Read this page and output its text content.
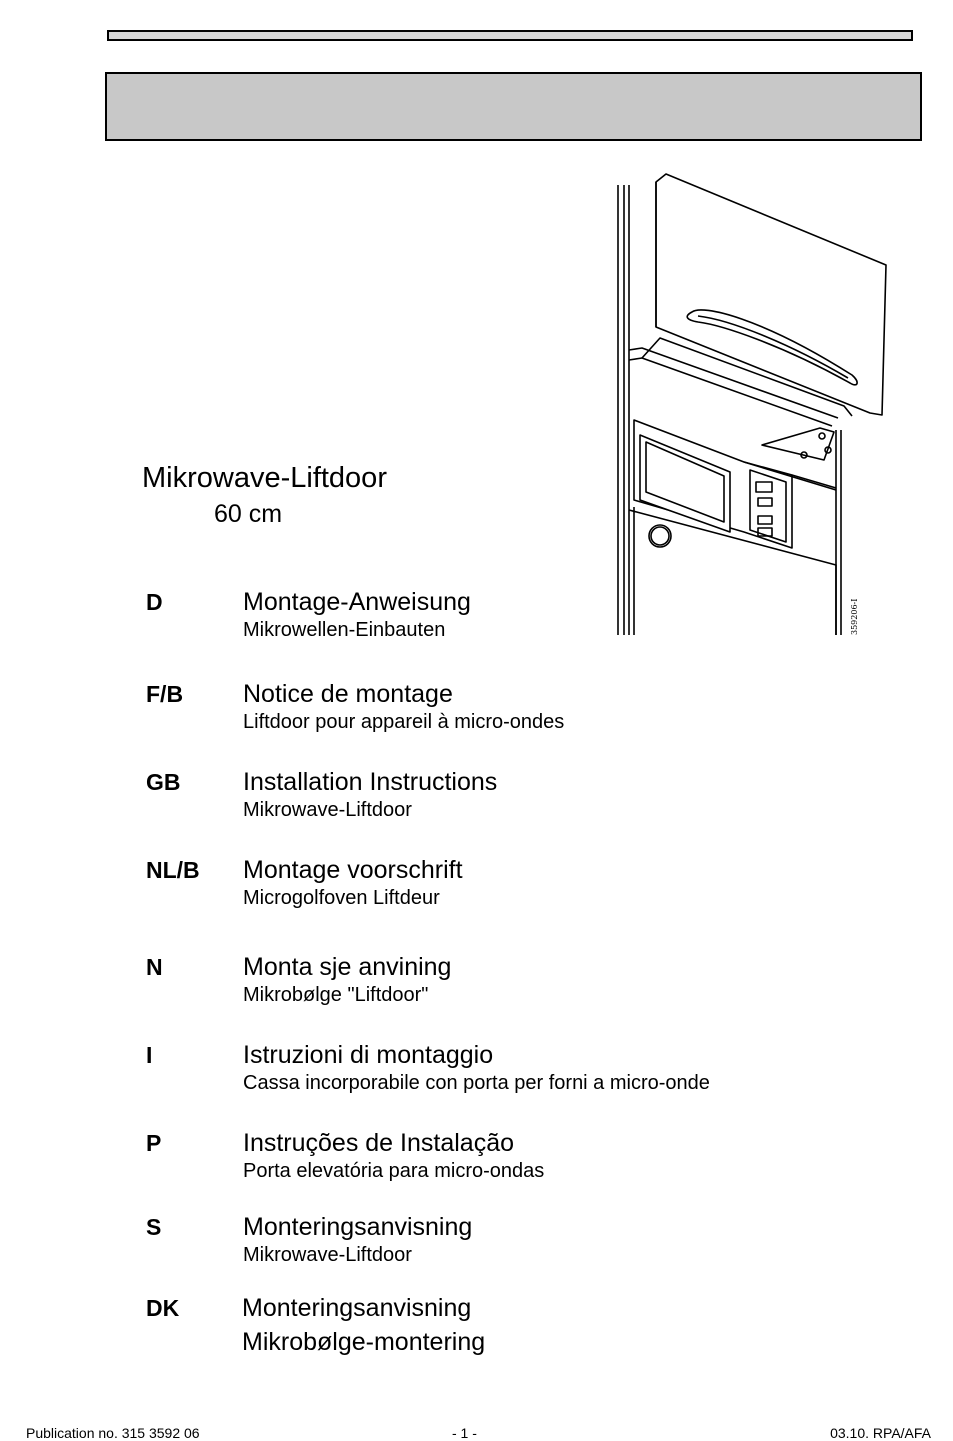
359206-I
Mikrowave-Liftdoor
60 cm
D	Montage-Anweisung
Mikrowellen-Einbauten
F/B Notice de montage
Liftdoor pour appareil à micro-ondes
GB	Installation Instructions
Mikrowave-Liftdoor
NL/B Montage voorschrift
Microgolfoven Liftdeur
N	Monta sje anvining
Mikrobølge "Liftdoor"
I	Istruzioni di montaggio
Cassa incorporabile con porta per forni a micro-onde
P	Instruções de Instalação
Porta elevatória para micro-ondas
S	Monteringsanvisning
Mikrowave-Liftdoor
DK	Monteringsanvisning
Mikrobølge-montering
Publication no. 315 3592 06	- 1 -	03.10. RPA/AFA
